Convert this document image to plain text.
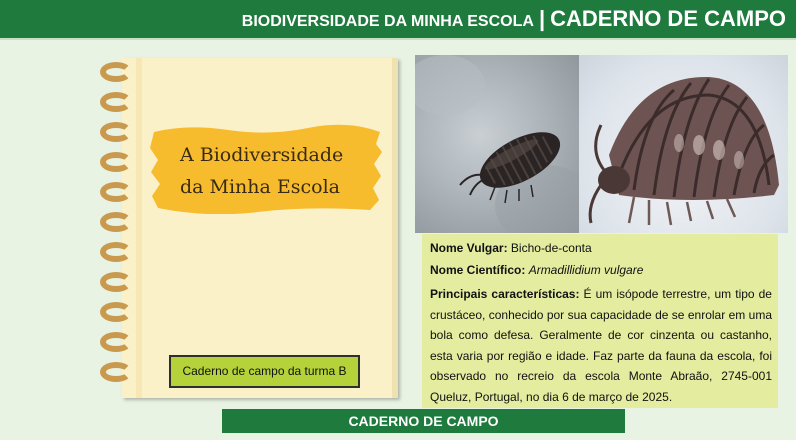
BIODIVERSIDADE DA MINHA ESCOLA | CADERNO DE CAMPO
A Biodiversidade
da Minha Escola
Caderno de campo da turma B
Nome Vulgar: Bicho-de-conta
Nome Científico: Armadillidium vulgare
Principais características: É um isópode terrestre, um tipo de crustáceo, conhecido por sua capacidade de se enrolar em uma bola como defesa. Geralmente de cor cinzenta ou castanho, esta varia por região e idade. Faz parte da fauna da escola, foi observado no recreio da escola Monte Abraão, 2745-001 Queluz, Portugal, no dia 6 de março de 2025.
CADERNO DE CAMPO
